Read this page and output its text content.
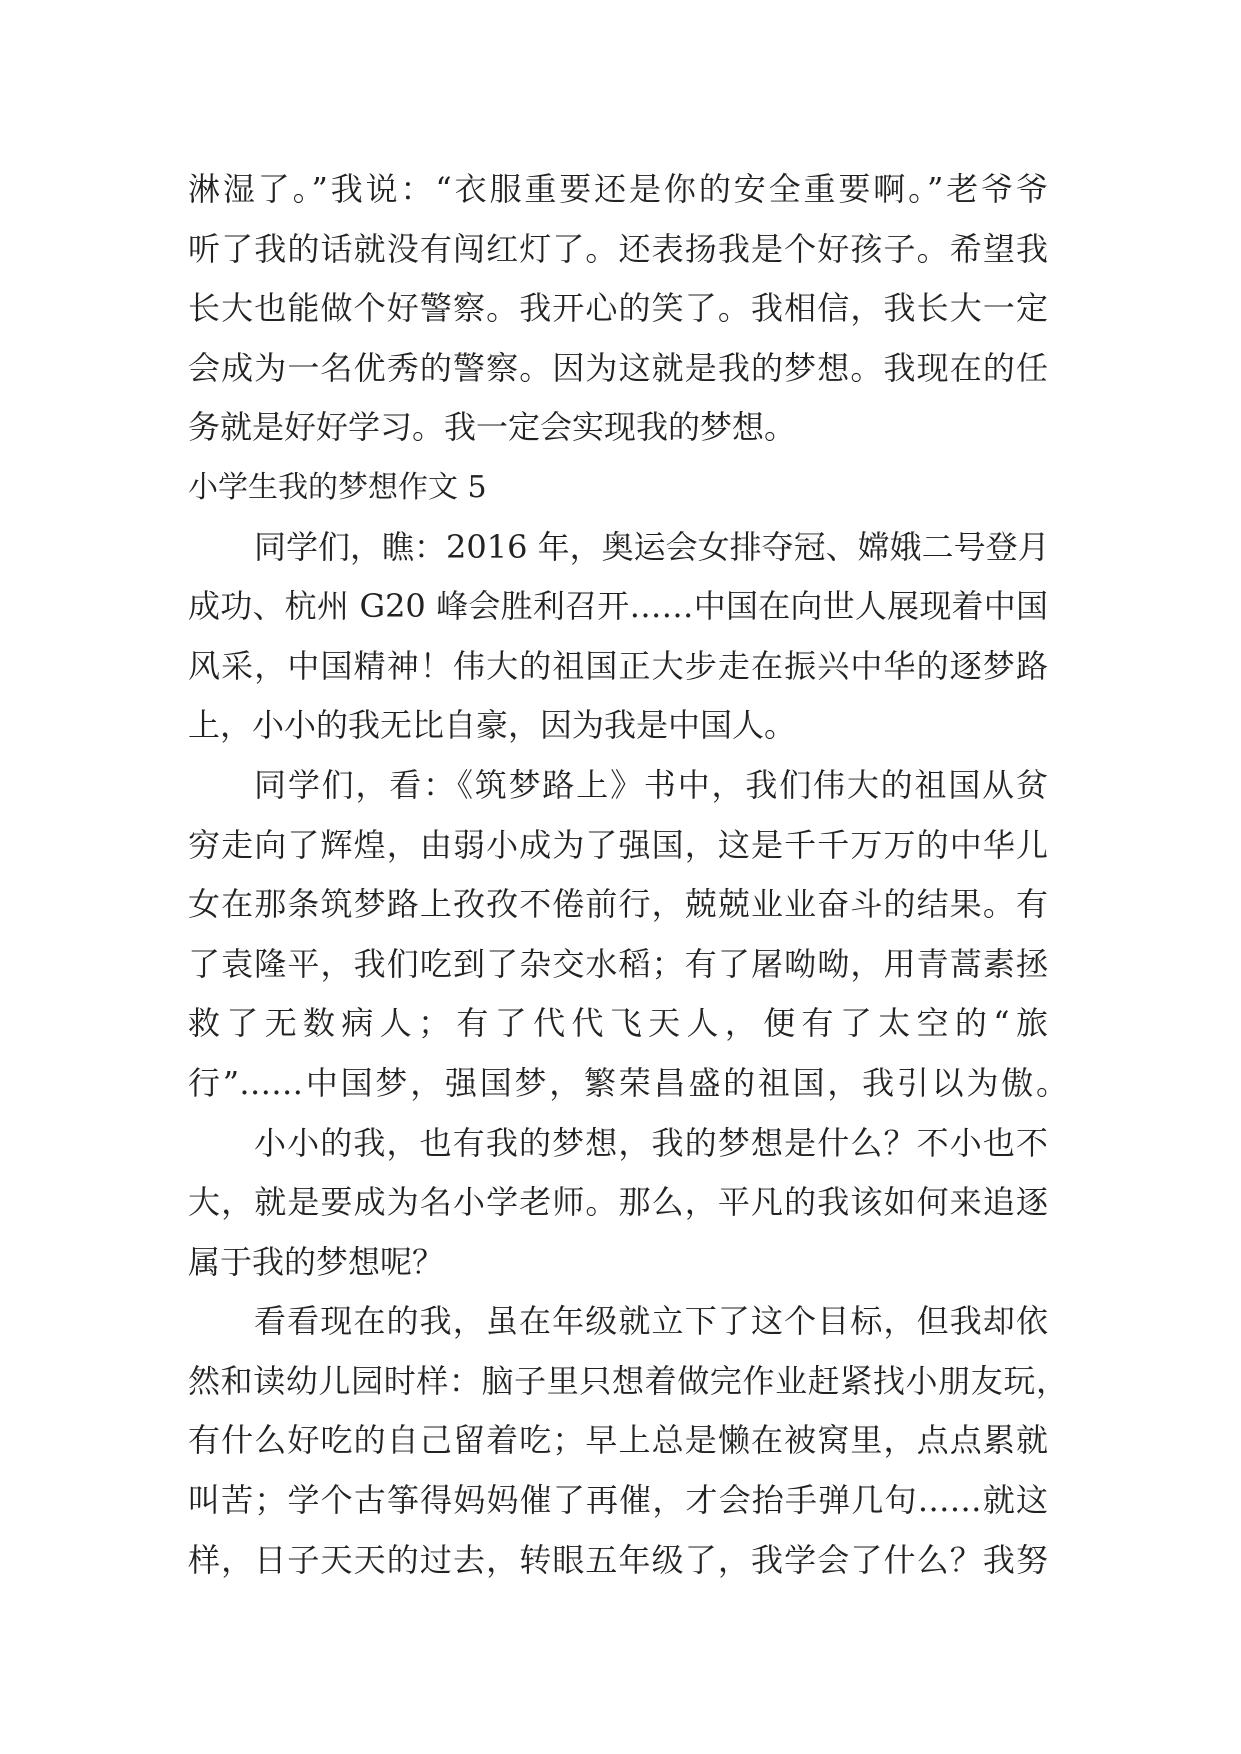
淋湿了。”我说：“衣服重要还是你的安全重要啊。”老爷爷
听了我的话就没有闯红灯了。还表扬我是个好孩子。希望我
长大也能做个好警察。我开心的笑了。我相信，我长大一定
会成为一名优秀的警察。因为这就是我的梦想。我现在的任
务就是好好学习。我一定会实现我的梦想。
小学生我的梦想作文 5
同学们，瞧：2016 年，奥运会女排夺冠、嫦娥二号登月
成功、杭州 G20 峰会胜利召开……中国在向世人展现着中国
风采，中国精神！伟大的祖国正大步走在振兴中华的逐梦路
上，小小的我无比自豪，因为我是中国人。
同学们，看：《筑梦路上》书中，我们伟大的祖国从贫
穷走向了辉煌，由弱小成为了强国，这是千千万万的中华儿
女在那条筑梦路上孜孜不倦前行，兢兢业业奋斗的结果。有
了袁隆平，我们吃到了杂交水稻；有了屠呦呦，用青蒿素拯
救了无数病人；有了代代飞天人，便有了太空的“旅
行”……中国梦，强国梦，繁荣昌盛的祖国，我引以为傲。
小小的我，也有我的梦想，我的梦想是什么？不小也不
大，就是要成为名小学老师。那么，平凡的我该如何来追逐
属于我的梦想呢？
看看现在的我，虽在年级就立下了这个目标，但我却依
然和读幼儿园时样：脑子里只想着做完作业赶紧找小朋友玩，
有什么好吃的自己留着吃；早上总是懒在被窝里，点点累就
叫苦；学个古筝得妈妈催了再催，才会抬手弹几句……就这
样，日子天天的过去，转眼五年级了，我学会了什么？我努
